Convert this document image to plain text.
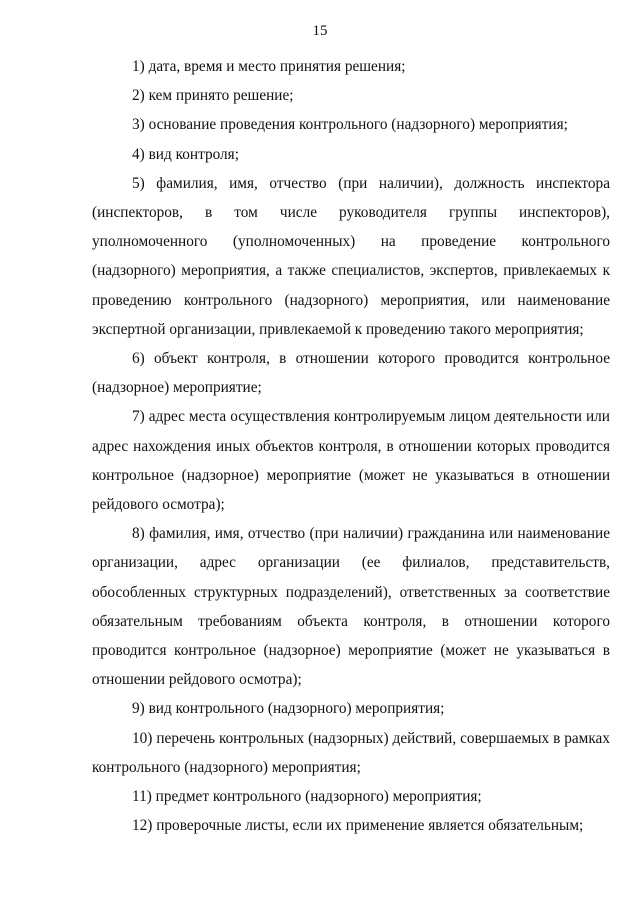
15

1) дата, время и место принятия решения;

2) кем принято решение;

3) основание проведения контрольного (надзорного) мероприятия;

4) вид контроля;

5) фамилия, имя, отчество (при наличии), должность инспектора (инспекторов, в том числе руководителя группы инспекторов), уполномоченного (уполномоченных) на проведение контрольного (надзорного) мероприятия, а также специалистов, экспертов, привлекаемых к проведению контрольного (надзорного) мероприятия, или наименование экспертной организации, привлекаемой к проведению такого мероприятия;

6) объект контроля, в отношении которого проводится контрольное (надзорное) мероприятие;

7) адрес места осуществления контролируемым лицом деятельности или адрес нахождения иных объектов контроля, в отношении которых проводится контрольное (надзорное) мероприятие (может не указываться в отношении рейдового осмотра);

8) фамилия, имя, отчество (при наличии) гражданина или наименование организации, адрес организации (ее филиалов, представительств, обособленных структурных подразделений), ответственных за соответствие обязательным требованиям объекта контроля, в отношении которого проводится контрольное (надзорное) мероприятие (может не указываться в отношении рейдового осмотра);

9) вид контрольного (надзорного) мероприятия;

10) перечень контрольных (надзорных) действий, совершаемых в рамках контрольного (надзорного) мероприятия;

11) предмет контрольного (надзорного) мероприятия;

12) проверочные листы, если их применение является обязательным;
